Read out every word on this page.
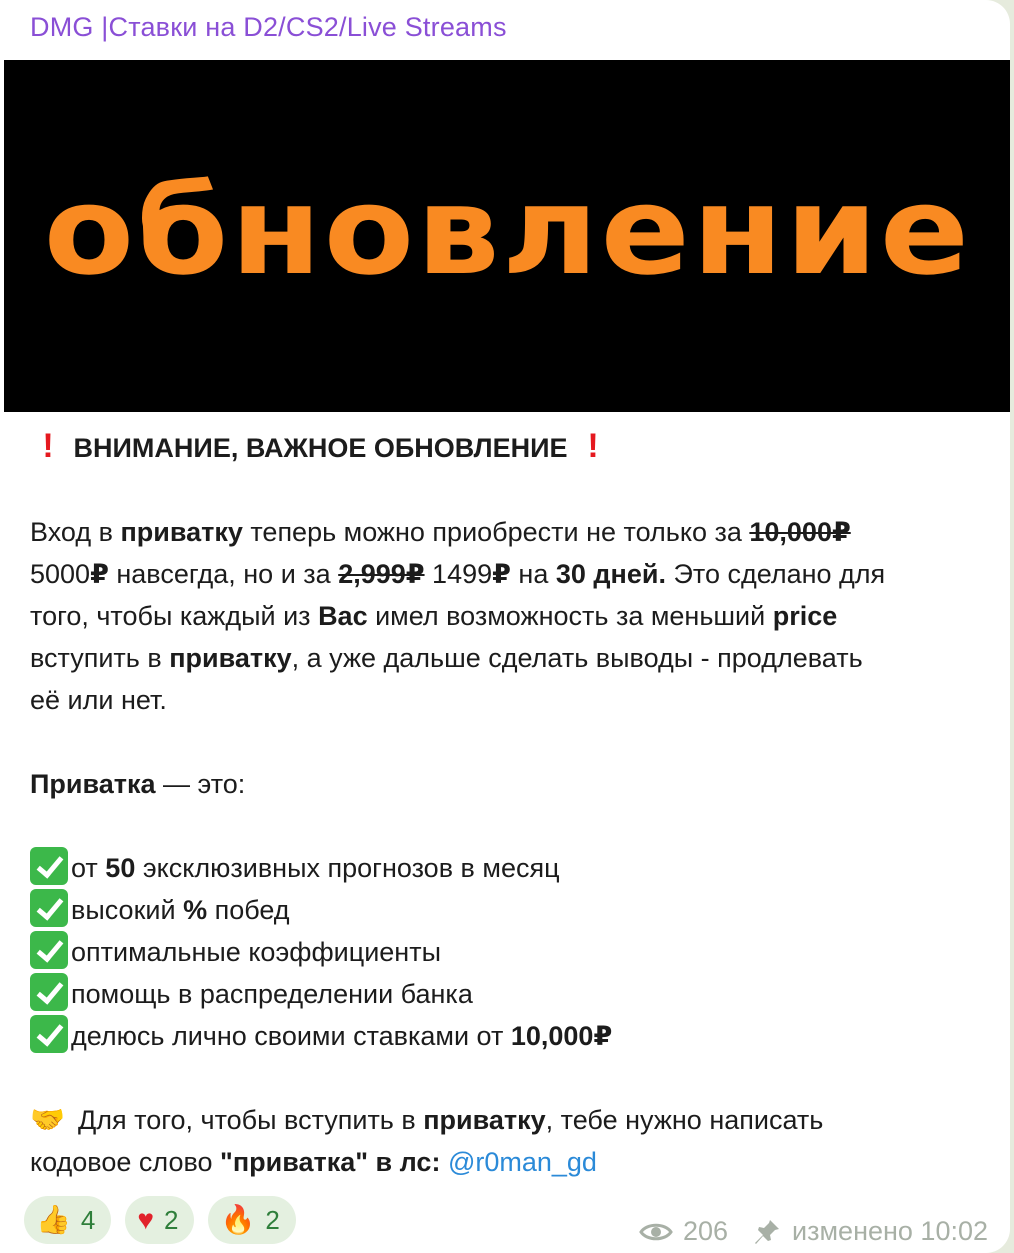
DMG |Ставки на D2/CS2/Live Streams
обновление
! ВНИМАНИЕ, ВАЖНОЕ ОБНОВЛЕНИЕ !
Вход в приватку теперь можно приобрести не только за 10,000₽
5000₽ навсегда, но и за 2,999₽ 1499₽ на 30 дней. Это сделано для
того, чтобы каждый из Вас имел возможность за меньший price
вступить в приватку, а уже дальше сделать выводы - продлевать
её или нет.
Приватка — это:
от 50 эксклюзивных прогнозов в месяц
высокий % побед
оптимальные коэффициенты
помощь в распределении банка
делюсь лично своими ставками от 10,000₽
🤝 Для того, чтобы вступить в приватку, тебе нужно написать
кодовое слово "приватка" в лс: @r0man_gd
👍 4 ♥ 2 🔥 2	206 изменено 10:02
